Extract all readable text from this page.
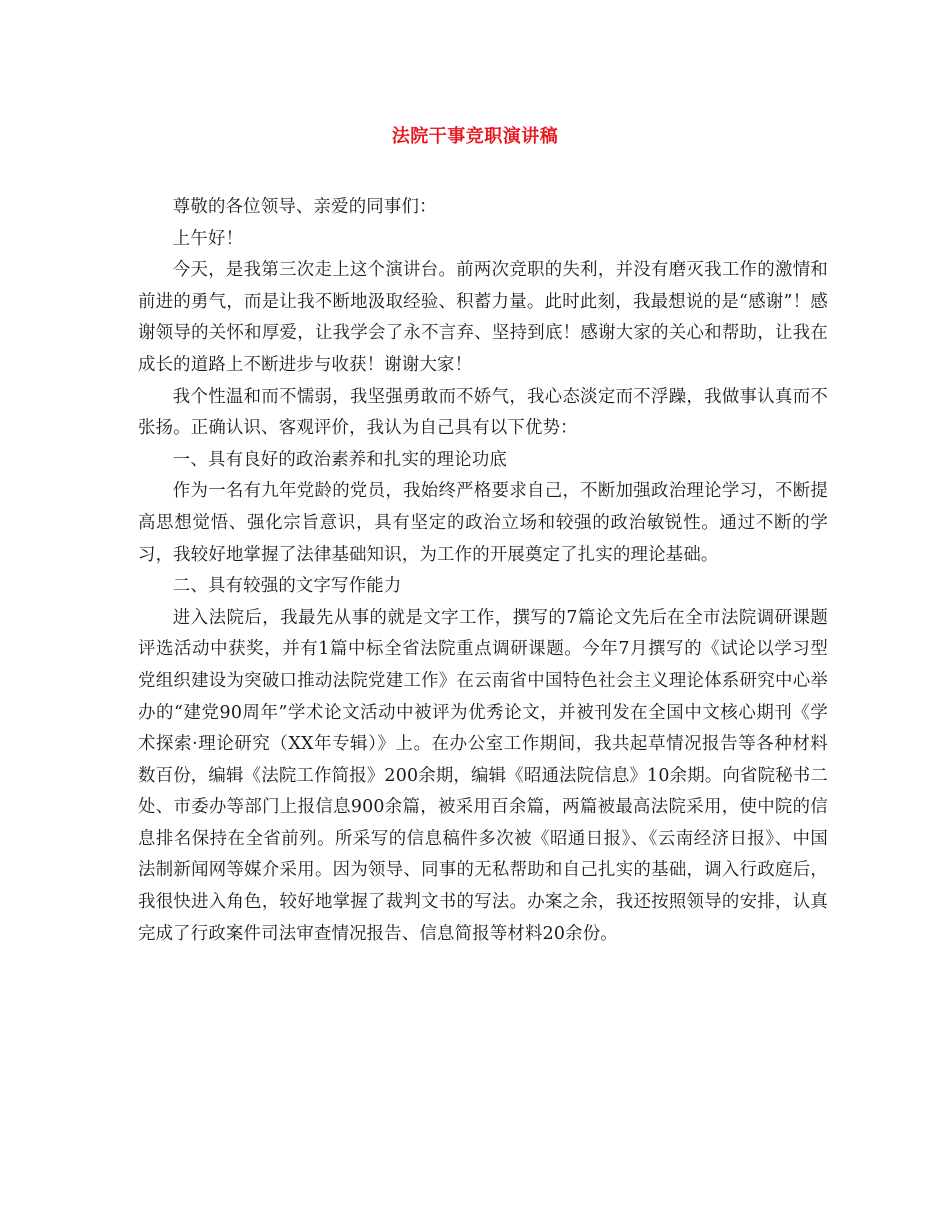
法院干事竞职演讲稿

尊敬的各位领导、亲爱的同事们：

上午好！

今天，是我第三次走上这个演讲台。前两次竞职的失利，并没有磨灭我工作的激情和前进的勇气，而是让我不断地汲取经验、积蓄力量。此时此刻，我最想说的是“感谢”！感谢领导的关怀和厚爱，让我学会了永不言弃、坚持到底！感谢大家的关心和帮助，让我在成长的道路上不断进步与收获！谢谢大家！

我个性温和而不懦弱，我坚强勇敢而不娇气，我心态淡定而不浮躁，我做事认真而不张扬。正确认识、客观评价，我认为自己具有以下优势：

一、具有良好的政治素养和扎实的理论功底

作为一名有九年党龄的党员，我始终严格要求自己，不断加强政治理论学习，不断提高思想觉悟、强化宗旨意识，具有坚定的政治立场和较强的政治敏锐性。通过不断的学习，我较好地掌握了法律基础知识，为工作的开展奠定了扎实的理论基础。

二、具有较强的文字写作能力

进入法院后，我最先从事的就是文字工作，撰写的7篇论文先后在全市法院调研课题评选活动中获奖，并有1篇中标全省法院重点调研课题。今年7月撰写的《试论以学习型党组织建设为突破口推动法院党建工作》在云南省中国特色社会主义理论体系研究中心举办的“建党90周年”学术论文活动中被评为优秀论文，并被刊发在全国中文核心期刊《学术探索·理论研究（XX年专辑）》上。在办公室工作期间，我共起草情况报告等各种材料数百份，编辑《法院工作简报》200余期，编辑《昭通法院信息》10余期。向省院秘书二处、市委办等部门上报信息900余篇，被采用百余篇，两篇被最高法院采用，使中院的信息排名保持在全省前列。所采写的信息稿件多次被《昭通日报》、《云南经济日报》、中国法制新闻网等媒介采用。因为领导、同事的无私帮助和自己扎实的基础，调入行政庭后，我很快进入角色，较好地掌握了裁判文书的写法。办案之余，我还按照领导的安排，认真完成了行政案件司法审查情况报告、信息简报等材料20余份。
